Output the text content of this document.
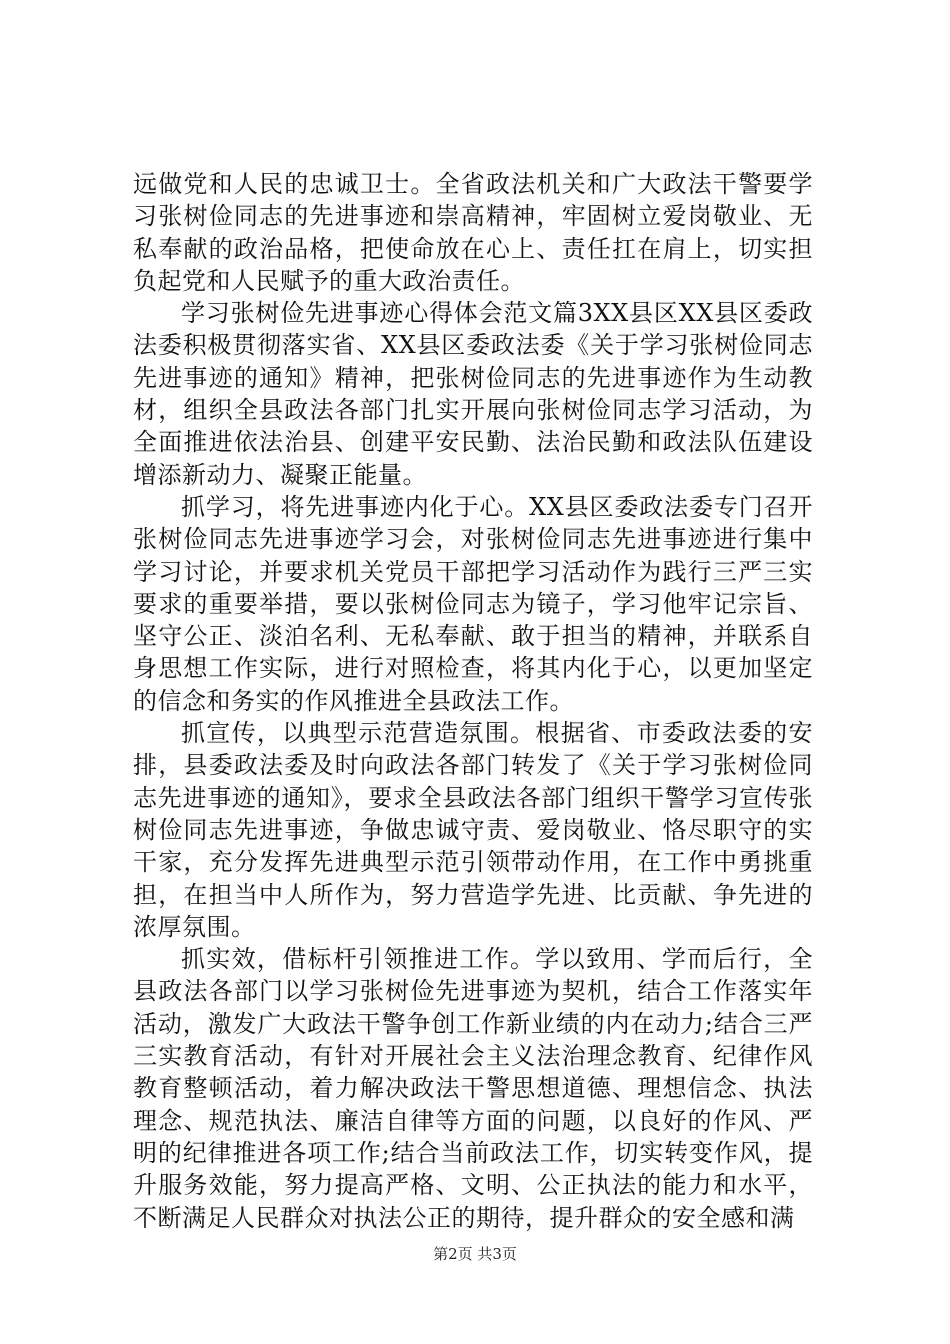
远做党和人民的忠诚卫士。全省政法机关和广大政法干警要学习张树俭同志的先进事迹和崇高精神，牢固树立爱岗敬业、无私奉献的政治品格，把使命放在心上、责任扛在肩上，切实担负起党和人民赋予的重大政治责任。

学习张树俭先进事迹心得体会范文篇3XX县区XX县区委政法委积极贯彻落实省、XX县区委政法委《关于学习张树俭同志先进事迹的通知》精神，把张树俭同志的先进事迹作为生动教材，组织全县政法各部门扎实开展向张树俭同志学习活动，为全面推进依法治县、创建平安民勤、法治民勤和政法队伍建设增添新动力、凝聚正能量。

抓学习，将先进事迹内化于心。XX县区委政法委专门召开张树俭同志先进事迹学习会，对张树俭同志先进事迹进行集中学习讨论，并要求机关党员干部把学习活动作为践行三严三实要求的重要举措，要以张树俭同志为镜子，学习他牢记宗旨、坚守公正、淡泊名利、无私奉献、敢于担当的精神，并联系自身思想工作实际，进行对照检查，将其内化于心，以更加坚定的信念和务实的作风推进全县政法工作。

抓宣传，以典型示范营造氛围。根据省、市委政法委的安排，县委政法委及时向政法各部门转发了《关于学习张树俭同志先进事迹的通知》，要求全县政法各部门组织干警学习宣传张树俭同志先进事迹，争做忠诚守责、爱岗敬业、恪尽职守的实干家，充分发挥先进典型示范引领带动作用，在工作中勇挑重担，在担当中人所作为，努力营造学先进、比贡献、争先进的浓厚氛围。

抓实效，借标杆引领推进工作。学以致用、学而后行，全县政法各部门以学习张树俭先进事迹为契机，结合工作落实年活动，激发广大政法干警争创工作新业绩的内在动力;结合三严三实教育活动，有针对开展社会主义法治理念教育、纪律作风教育整顿活动，着力解决政法干警思想道德、理想信念、执法理念、规范执法、廉洁自律等方面的问题，以良好的作风、严明的纪律推进各项工作;结合当前政法工作，切实转变作风，提升服务效能，努力提高严格、文明、公正执法的能力和水平，不断满足人民群众对执法公正的期待，提升群众的安全感和满

第2页 共3页
